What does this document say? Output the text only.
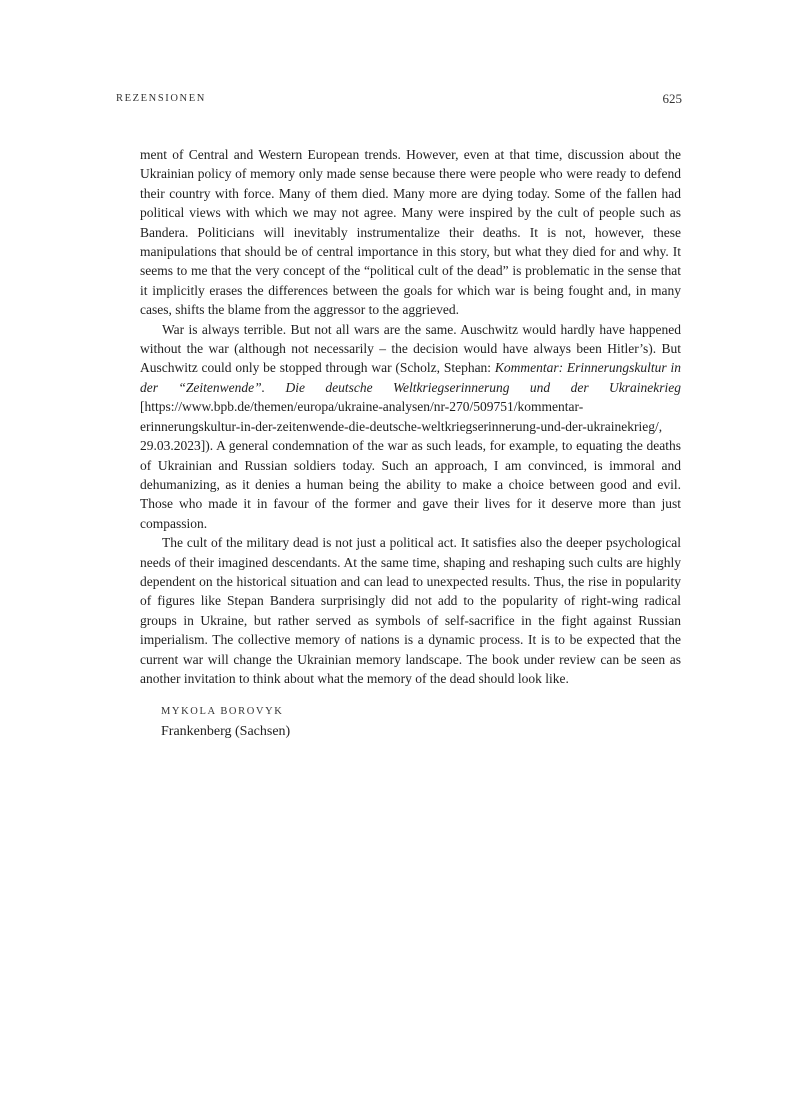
REZENSIONEN	625

ment of Central and Western European trends. However, even at that time, discussion about the Ukrainian policy of memory only made sense because there were people who were ready to defend their country with force. Many of them died. Many more are dying today. Some of the fallen had political views with which we may not agree. Many were inspired by the cult of people such as Bandera. Politicians will inevitably instrumentalize their deaths. It is not, however, these manipulations that should be of central importance in this story, but what they died for and why. It seems to me that the very concept of the “political cult of the dead” is problematic in the sense that it implicitly erases the differences between the goals for which war is being fought and, in many cases, shifts the blame from the aggressor to the aggrieved.

War is always terrible. But not all wars are the same. Auschwitz would hardly have happened without the war (although not necessarily – the decision would have always been Hitler’s). But Auschwitz could only be stopped through war (Scholz, Stephan: Kommentar: Erinnerungskultur in der “Zeitenwende”. Die deutsche Weltkriegserinnerung und der Ukrainekrieg [https://www.bpb.de/themen/europa/ukraine-analysen/nr-270/509751/kommentar-erinnerungskultur-in-der-zeitenwende-die-deutsche-weltkriegserinnerung-und-der-ukrainekrieg/, 29.03.2023]). A general condemnation of the war as such leads, for example, to equating the deaths of Ukrainian and Russian soldiers today. Such an approach, I am convinced, is immoral and dehumanizing, as it denies a human being the ability to make a choice between good and evil. Those who made it in favour of the former and gave their lives for it deserve more than just compassion.

The cult of the military dead is not just a political act. It satisfies also the deeper psychological needs of their imagined descendants. At the same time, shaping and reshaping such cults are highly dependent on the historical situation and can lead to unexpected results. Thus, the rise in popularity of figures like Stepan Bandera surprisingly did not add to the popularity of right-wing radical groups in Ukraine, but rather served as symbols of self-sacrifice in the fight against Russian imperialism. The collective memory of nations is a dynamic process. It is to be expected that the current war will change the Ukrainian memory landscape. The book under review can be seen as another invitation to think about what the memory of the dead should look like.

MYKOLA BOROVYK
Frankenberg (Sachsen)
